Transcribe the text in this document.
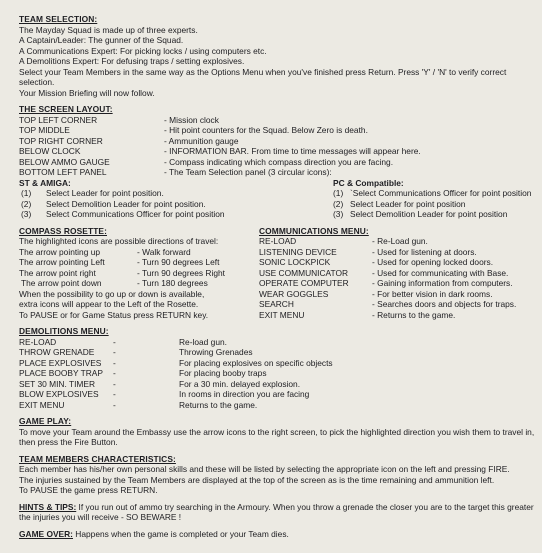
TEAM SELECTION:
The Mayday Squad is made up of three experts.
A Captain/Leader: The gunner of the Squad.
A Communications Expert: For picking locks / using computers etc.
A Demolitions Expert: For defusing traps / setting explosives.
Select your Team Members in the same way as the Options Menu when you've finished press Return. Press 'Y' / 'N' to verify correct selection.
Your Mission Briefing will now follow.
THE SCREEN LAYOUT:
TOP LEFT CORNER	- Mission clock
TOP MIDDLE	- Hit point counters for the Squad. Below Zero is death.
TOP RIGHT CORNER	- Ammunition gauge
BELOW CLOCK	- INFORMATION BAR. From time to time messages will appear here.
BELOW AMMO GAUGE	- Compass indicating which compass direction you are facing.
BOTTOM LEFT PANEL	- The Team Selection panel (3 circular icons):
ST & AMIGA:
(1) Select Leader for point position.
(2) Select Demolition Leader for point position.
(3) Select Communications Officer for point position
PC & Compatible:
(1) `Select Communications Officer for point position
(2) Select Leader for point position
(3) Select Demolition Leader for point position
COMPASS ROSETTE:
The highlighted icons are possible directions of travel:
The arrow pointing up	- Walk forward
The arrow pointing Left	- Turn 90 degrees Left
The arrow point right	- Turn 90 degrees Right
The arrow point down	- Turn 180 degrees
When the possibility to go up or down is available,
extra icons will appear to the Left of the Rosette.
To PAUSE or for Game Status press RETURN key.
COMMUNICATIONS MENU:
RE-LOAD	- Re-Load gun.
LISTENING DEVICE	- Used for listening at doors.
SONIC LOCKPICK	- Used for opening locked doors.
USE COMMUNICATOR	- Used for communicating with Base.
OPERATE COMPUTER	- Gaining information from computers.
WEAR GOGGLES	- For better vision in dark rooms.
SEARCH	- Searches doors and objects for traps.
EXIT MENU	- Returns to the game.
DEMOLITIONS MENU:
RE-LOAD	-	Re-load gun.
THROW GRENADE	-	Throwing Grenades
PLACE EXPLOSIVES	-	For placing explosives on specific objects
PLACE BOOBY TRAP	-	For placing booby traps
SET 30 MIN. TIMER	-	For a 30 min. delayed explosion.
BLOW EXPLOSIVES	-	In rooms in direction you are facing
EXIT MENU	-	Returns to the game.
GAME PLAY:
To move your Team around the Embassy use the arrow icons to the right screen, to pick the highlighted direction you wish them to travel in, then press the Fire Button.
TEAM MEMBERS CHARACTERISTICS:
Each member has his/her own personal skills and these will be listed by selecting the appropriate icon on the left and pressing FIRE.
The injuries sustained by the Team Members are displayed at the top of the screen as is the time remaining and ammunition left.
To PAUSE the game press RETURN.
HINTS & TIPS: If you run out of ammo try searching in the Armoury. When you throw a grenade the closer you are to the target this greater the injuries you will receive - SO BEWARE !
GAME OVER: Happens when the game is completed or your Team dies.
